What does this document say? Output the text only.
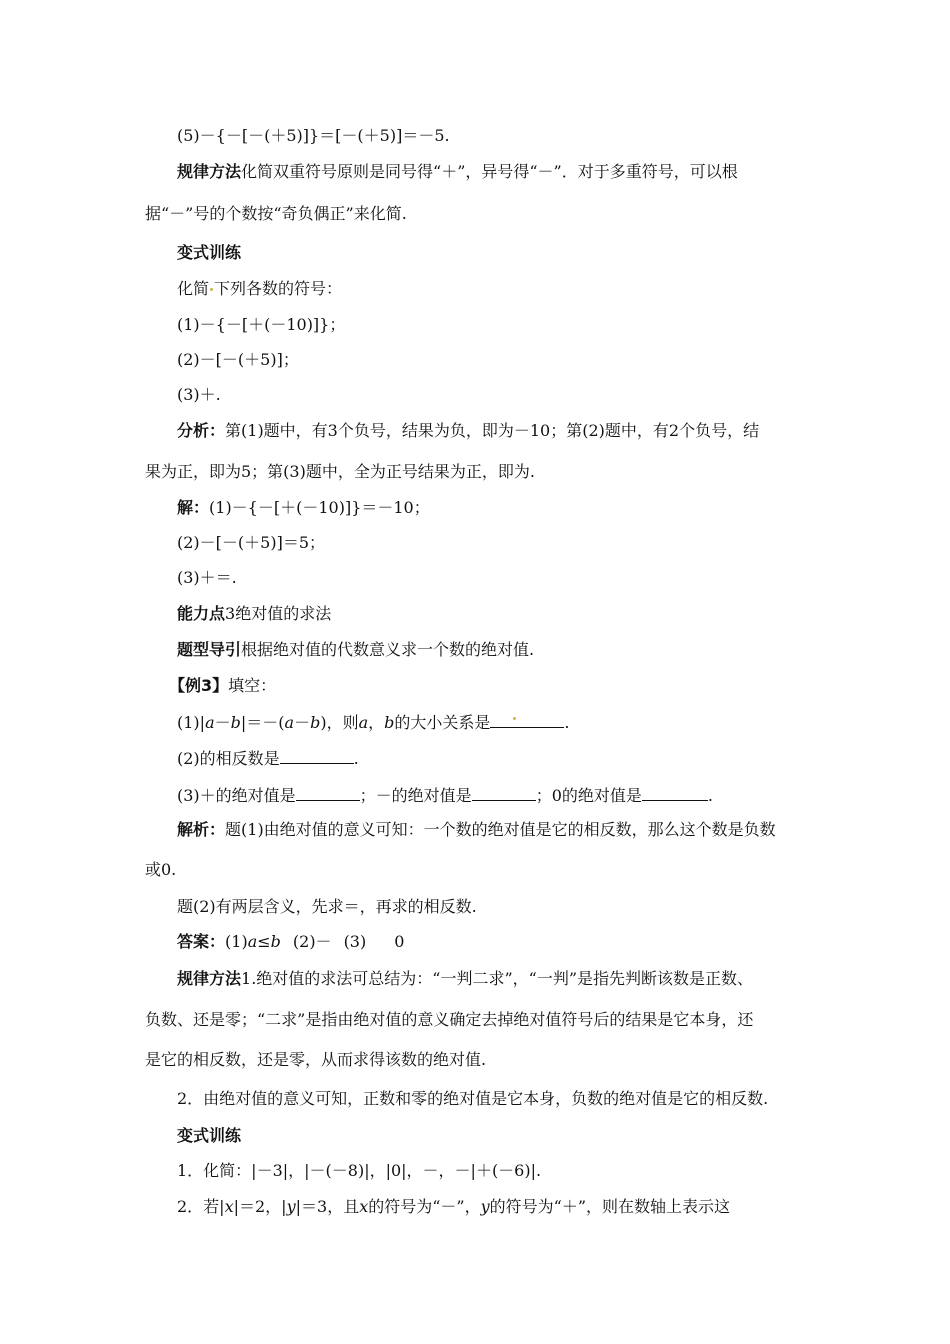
(5)－{－[－(＋5)]}＝[－(＋5)]＝－5.
规律方法化简双重符号原则是同号得“＋”，异号得“－”．对于多重符号，可以根
据“－”号的个数按“奇负偶正”来化简.
变式训练
化简 下列各数的符号：
(1)－{－[＋(－10)]}；
(2)－[－(＋5)]；
(3)＋.
分析：第(1)题中，有3个负号，结果为负，即为－10；第(2)题中，有2个负号，结
果为正，即为5；第(3)题中，全为正号结果为正，即为.
解：(1)－{－[＋(－10)]}＝－10；
(2)－[－(＋5)]＝5；
(3)＋＝.
能力点3绝对值的求法
题型导引根据绝对值的代数意义求一个数的绝对值.
【例3】填空：
(1)|a－b|＝－(a－b)，则a，b的大小关系是	.
(2)的相反数是	.
(3)＋的绝对值是	；－的绝对值是	；0的绝对值是	.
解析：题(1)由绝对值的意义可知：一个数的绝对值是它的相反数，那么这个数是负数
或0.
题(2)有两层含义，先求＝，再求的相反数.
答案：(1)a≤b (2)－ (3) 0
规律方法1.绝对值的求法可总结为：“一判二求”，“一判”是指先判断该数是正数、
负数、还是零；“二求”是指由绝对值的意义确定去掉绝对值符号后的结果是它本身，还
是它的相反数，还是零，从而求得该数的绝对值.
2．由绝对值的意义可知，正数和零的绝对值是它本身，负数的绝对值是它的相反数.
变式训练
1．化简：|－3|，|－(－8)|，|0|，－，－|＋(－6)|.
2．若|x|＝2，|y|＝3，且x的符号为“－”，y的符号为“＋”，则在数轴上表示这
